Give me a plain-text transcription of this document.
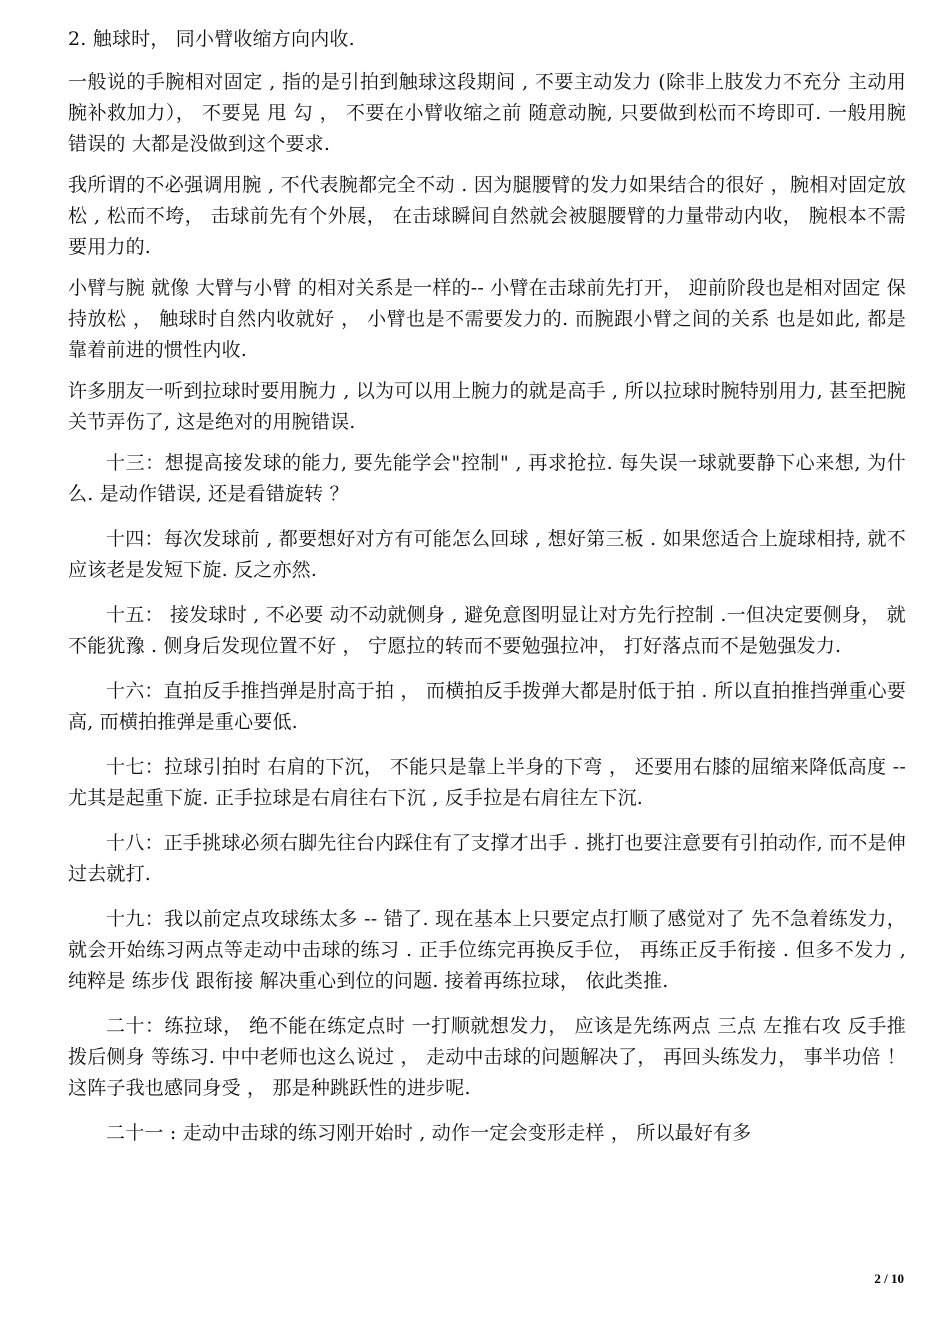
2. 触球时， 同小臂收缩方向内收.

一般说的手腕相对固定 , 指的是引拍到触球这段期间 , 不要主动发力 (除非上肢发力不充分 主动用腕补救加力）， 不要晃 甩 勾 ， 不要在小臂收缩之前 随意动腕, 只要做到松而不垮即可. 一般用腕错误的 大都是没做到这个要求.

我所谓的不必强调用腕 , 不代表腕都完全不动 . 因为腿腰臂的发力如果结合的很好 ，腕相对固定放松 , 松而不垮， 击球前先有个外展， 在击球瞬间自然就会被腿腰臂的力量带动内收， 腕根本不需要用力的.

小臂与腕 就像 大臂与小臂 的相对关系是一样的-- 小臂在击球前先打开， 迎前阶段也是相对固定 保持放松 ， 触球时自然内收就好 ， 小臂也是不需要发力的. 而腕跟小臂之间的关系 也是如此, 都是靠着前进的惯性内收.

许多朋友一听到拉球时要用腕力 , 以为可以用上腕力的就是高手 , 所以拉球时腕特别用力, 甚至把腕关节弄伤了, 这是绝对的用腕错误.

十三：想提高接发球的能力, 要先能学会"控制" , 再求抢拉. 每失误一球就要静下心来想, 为什么. 是动作错误, 还是看错旋转 ？

十四：每次发球前 , 都要想好对方有可能怎么回球 , 想好第三板 . 如果您适合上旋球相持, 就不应该老是发短下旋. 反之亦然.

十五： 接发球时 , 不必要 动不动就侧身 , 避免意图明显让对方先行控制 .一但决定要侧身， 就不能犹豫 . 侧身后发现位置不好 ， 宁愿拉的转而不要勉强拉冲， 打好落点而不是勉强发力.

十六：直拍反手推挡弹是肘高于拍 ， 而横拍反手拨弹大都是肘低于拍 . 所以直拍推挡弹重心要高, 而横拍推弹是重心要低.

十七：拉球引拍时 右肩的下沉， 不能只是靠上半身的下弯 ， 还要用右膝的屈缩来降低高度 -- 尤其是起重下旋. 正手拉球是右肩往右下沉 , 反手拉是右肩往左下沉.

十八：正手挑球必须右脚先往台内踩住有了支撑才出手 . 挑打也要注意要有引拍动作, 而不是伸过去就打.

十九：我以前定点攻球练太多 -- 错了. 现在基本上只要定点打顺了感觉对了 先不急着练发力， 就会开始练习两点等走动中击球的练习 . 正手位练完再换反手位， 再练正反手衔接 . 但多不发力 , 纯粹是 练步伐 跟衔接 解决重心到位的问题. 接着再练拉球， 依此类推.

二十：练拉球， 绝不能在练定点时 一打顺就想发力， 应该是先练两点 三点 左推右攻 反手推拨后侧身 等练习. 中中老师也这么说过 ， 走动中击球的问题解决了， 再回头练发力， 事半功倍 ！ 这阵子我也感同身受 ， 那是种跳跃性的进步呢.

二十一 : 走动中击球的练习刚开始时 , 动作一定会变形走样 ， 所以最好有多

2 / 10
